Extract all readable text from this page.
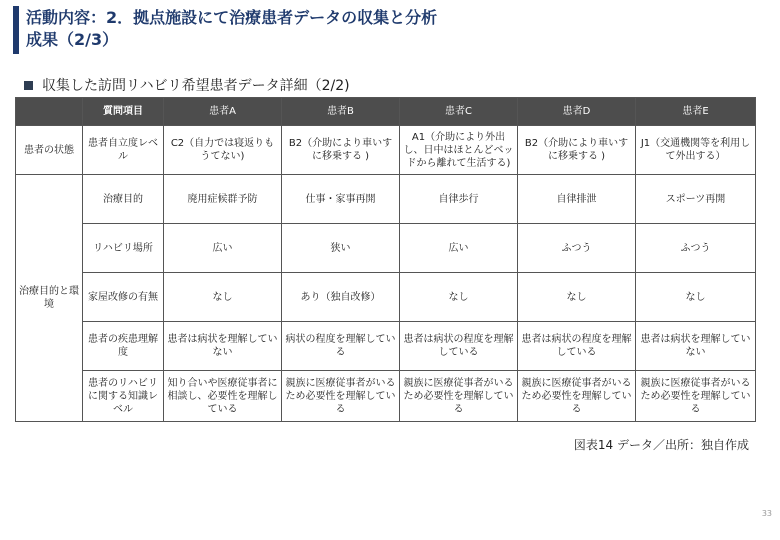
活動内容：2．拠点施設にて治療患者データの収集と分析
成果（2/3）
収集した訪問リハビリ希望患者データ詳細（2/2)
	質問項目	患者A	患者B	患者C	患者D	患者E
患者の状態	患者自立度レベル	C2（自力では寝返りもうてない)	B2（介助により車いすに移乗する )	A1（介助により外出し、日中はほとんどベッドから離れて生活する)	B2（介助により車いすに移乗する )	J1（交通機関等を利用して外出する）
治療目的と環境	治療目的	廃用症候群予防	仕事・家事再開	自律歩行	自律排泄	スポーツ再開
	リハビリ場所	広い	狭い	広い	ふつう	ふつう
	家屋改修の有無	なし	あり（独自改修）	なし	なし	なし
	患者の疾患理解度	患者は病状を理解していない	病状の程度を理解している	患者は病状の程度を理解している	患者は病状の程度を理解している	患者は病状を理解していない
	患者のリハビリに関する知識レベル	知り合いや医療従事者に相談し、必要性を理解している	親族に医療従事者がいるため必要性を理解している	親族に医療従事者がいるため必要性を理解している	親族に医療従事者がいるため必要性を理解している	親族に医療従事者がいるため必要性を理解している
図表14 データ／出所：独自作成
33
